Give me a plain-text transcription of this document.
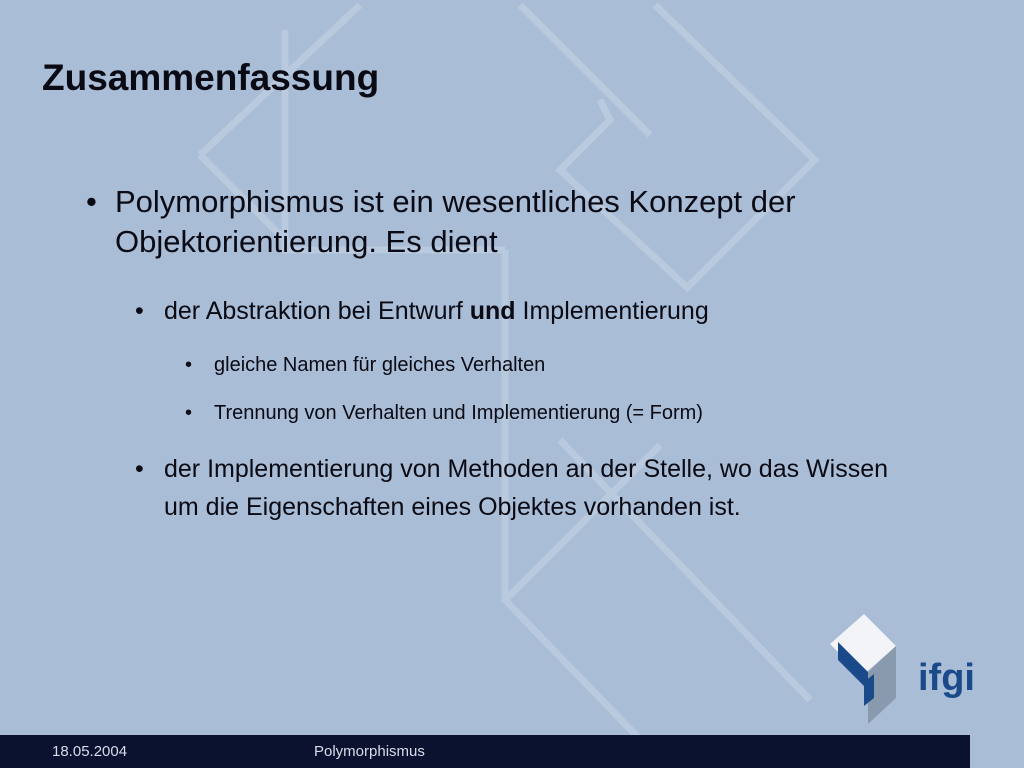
Zusammenfassung
• Polymorphismus ist ein wesentliches Konzept der Objektorientierung. Es dient
• der Abstraktion bei Entwurf und Implementierung
•	gleiche Namen für gleiches Verhalten
•	Trennung von Verhalten und Implementierung (= Form)
• der Implementierung von Methoden an der Stelle, wo das Wissen um die Eigenschaften eines Objektes vorhanden ist.
ifgi
18.05.2004	Polymorphismus
